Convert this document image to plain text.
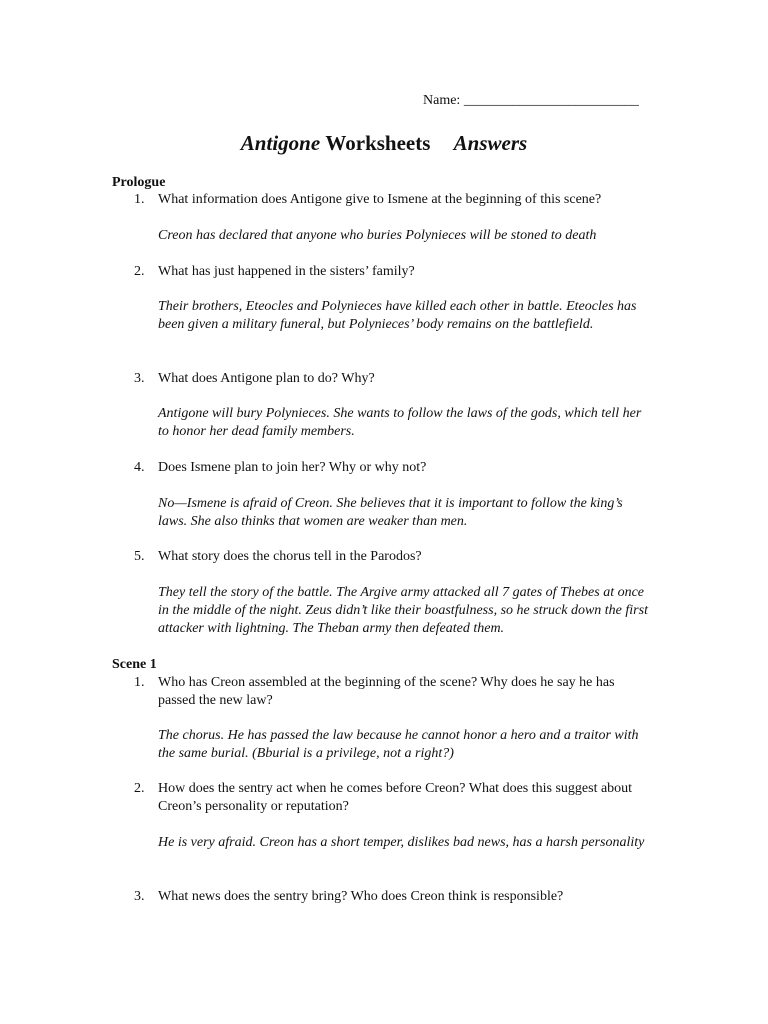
Name: _________________________
Antigone Worksheets Answers
Prologue
1. What information does Antigone give to Ismene at the beginning of this scene?
Creon has declared that anyone who buries Polynieces will be stoned to death
2. What has just happened in the sisters’ family?
Their brothers, Eteocles and Polynieces have killed each other in battle. Eteocles has been given a military funeral, but Polynieces’ body remains on the battlefield.
3. What does Antigone plan to do? Why?
Antigone will bury Polynieces. She wants to follow the laws of the gods, which tell her to honor her dead family members.
4. Does Ismene plan to join her? Why or why not?
No—Ismene is afraid of Creon. She believes that it is important to follow the king’s laws. She also thinks that women are weaker than men.
5. What story does the chorus tell in the Parodos?
They tell the story of the battle. The Argive army attacked all 7 gates of Thebes at once in the middle of the night. Zeus didn’t like their boastfulness, so he struck down the first attacker with lightning. The Theban army then defeated them.
Scene 1
1. Who has Creon assembled at the beginning of the scene? Why does he say he has passed the new law?
The chorus. He has passed the law because he cannot honor a hero and a traitor with the same burial. (Bburial is a privilege, not a right?)
2. How does the sentry act when he comes before Creon? What does this suggest about Creon’s personality or reputation?
He is very afraid. Creon has a short temper, dislikes bad news, has a harsh personality
3. What news does the sentry bring? Who does Creon think is responsible?
